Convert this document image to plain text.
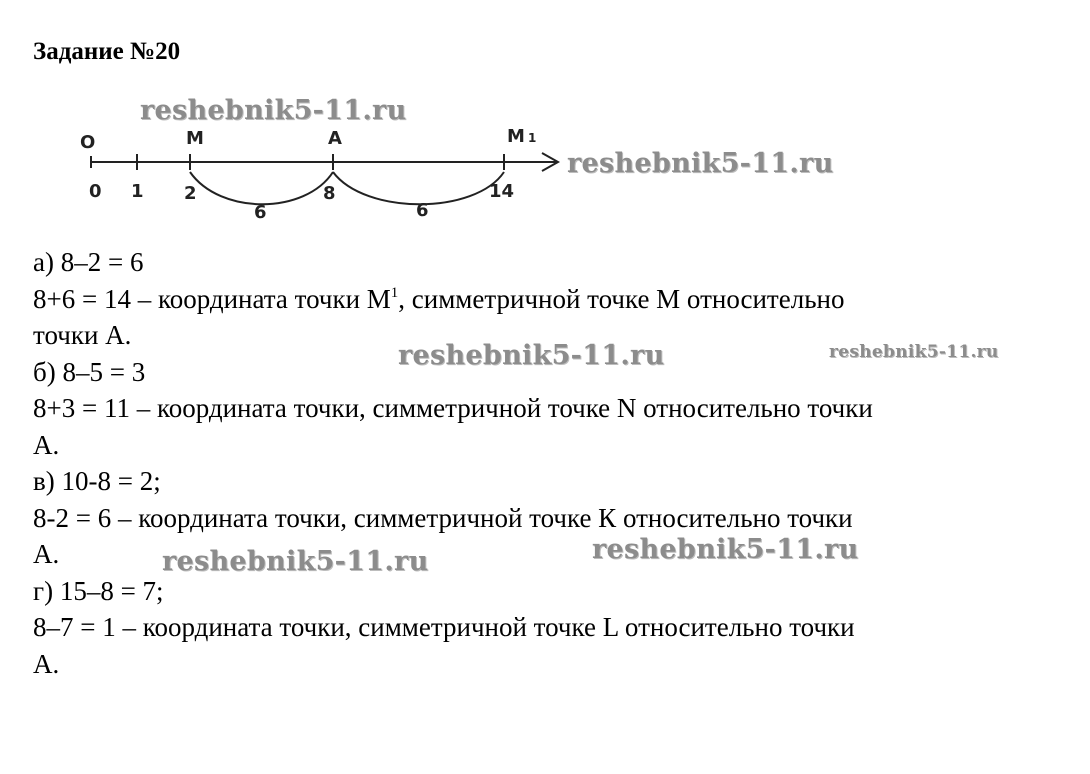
Задание №20
O	M	A	M 1
0 1 2	8	14
6	6
reshebnik5-11.ru
reshebnik5-11.ru
reshebnik5-11.ru	reshebnik5-11.ru
reshebnik5-11.ru	reshebnik5-11.ru
а) 8–2 = 6
8+6 = 14 – координата точки $М^1$, симметричной точке М относительно
точки А.
б) 8–5 = 3
8+3 = 11 – координата точки, симметричной точке N относительно точки
А.
в) 10-8 = 2;
8-2 = 6 – координата точки, симметричной точке К относительно точки
А.
г) 15–8 = 7;
8–7 = 1 – координата точки, симметричной точке L относительно точки
А.
